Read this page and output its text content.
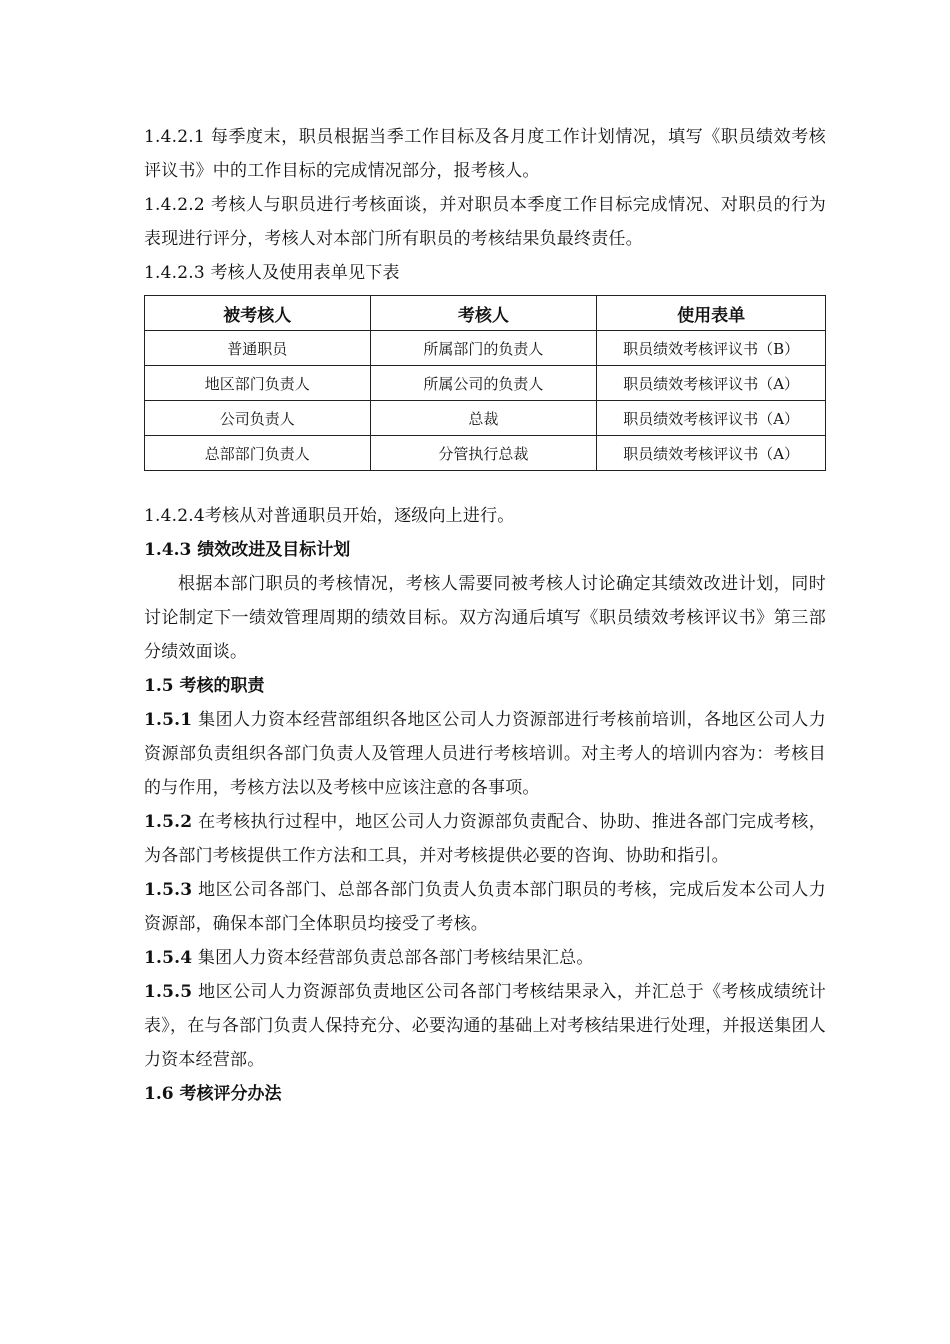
1.4.2.1 每季度末，职员根据当季工作目标及各月度工作计划情况，填写《职员绩效考核评议书》中的工作目标的完成情况部分，报考核人。

1.4.2.2 考核人与职员进行考核面谈，并对职员本季度工作目标完成情况、对职员的行为表现进行评分，考核人对本部门所有职员的考核结果负最终责任。

1.4.2.3 考核人及使用表单见下表

被考核人	考核人	使用表单
普通职员	所属部门的负责人	职员绩效考核评议书（B）
地区部门负责人	所属公司的负责人	职员绩效考核评议书（A）
公司负责人	总裁	职员绩效考核评议书（A）
总部部门负责人	分管执行总裁	职员绩效考核评议书（A）

1.4.2.4考核从对普通职员开始，逐级向上进行。

1.4.3 绩效改进及目标计划

根据本部门职员的考核情况，考核人需要同被考核人讨论确定其绩效改进计划，同时讨论制定下一绩效管理周期的绩效目标。双方沟通后填写《职员绩效考核评议书》第三部分绩效面谈。

1.5 考核的职责

1.5.1 集团人力资本经营部组织各地区公司人力资源部进行考核前培训，各地区公司人力资源部负责组织各部门负责人及管理人员进行考核培训。对主考人的培训内容为：考核目的与作用，考核方法以及考核中应该注意的各事项。

1.5.2 在考核执行过程中，地区公司人力资源部负责配合、协助、推进各部门完成考核，为各部门考核提供工作方法和工具，并对考核提供必要的咨询、协助和指引。

1.5.3 地区公司各部门、总部各部门负责人负责本部门职员的考核，完成后发本公司人力资源部，确保本部门全体职员均接受了考核。

1.5.4 集团人力资本经营部负责总部各部门考核结果汇总。

1.5.5 地区公司人力资源部负责地区公司各部门考核结果录入，并汇总于《考核成绩统计表》，在与各部门负责人保持充分、必要沟通的基础上对考核结果进行处理，并报送集团人力资本经营部。

1.6 考核评分办法
